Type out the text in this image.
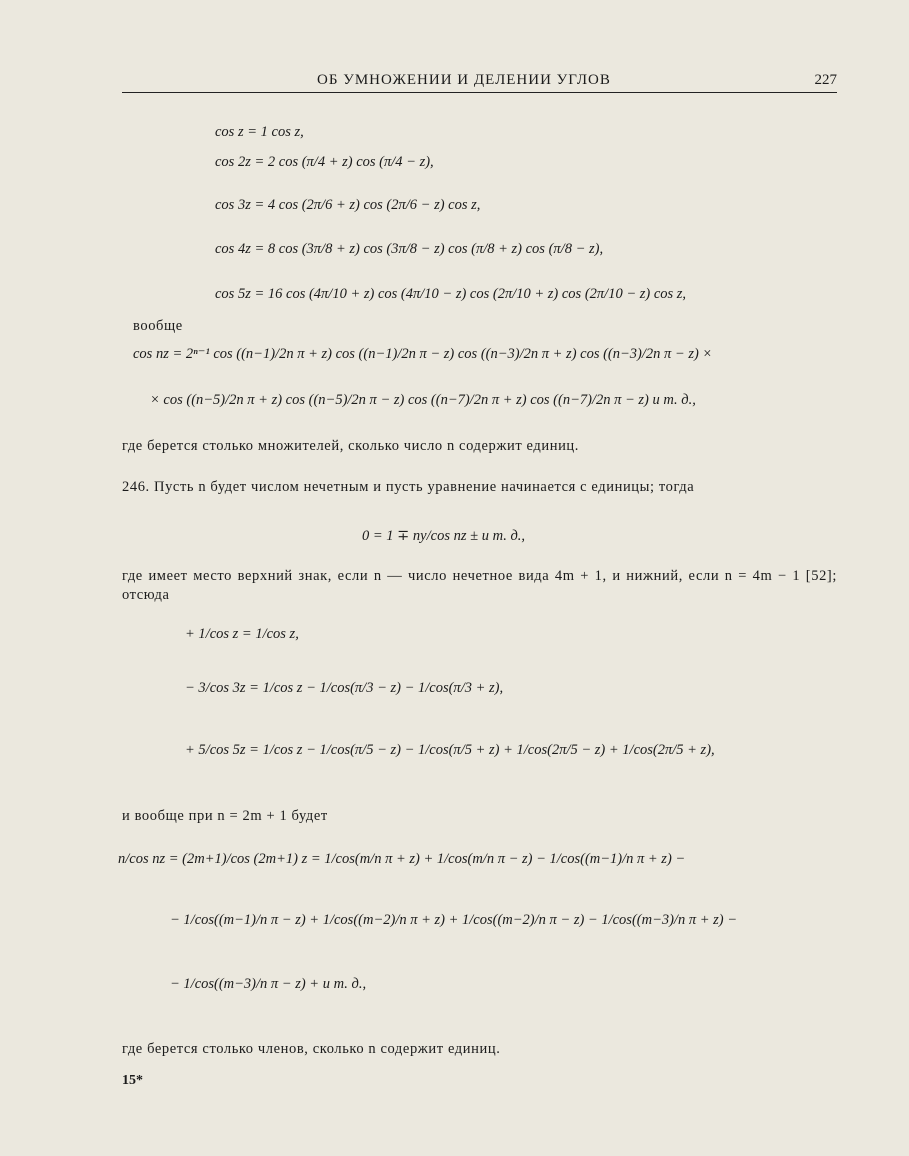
ОБ УМНОЖЕНИИ И ДЕЛЕНИИ УГЛОВ	227
cos z = 1 cos z,
cos 2z = 2 cos (π/4 + z) cos (π/4 − z),
cos 3z = 4 cos (2π/6 + z) cos (2π/6 − z) cos z,
cos 4z = 8 cos (3π/8 + z) cos (3π/8 − z) cos (π/8 + z) cos (π/8 − z),
cos 5z = 16 cos (4π/10 + z) cos (4π/10 − z) cos (2π/10 + z) cos (2π/10 − z) cos z,
вообще
cos nz = 2ⁿ⁻¹ cos ((n−1)/2n π + z) cos ((n−1)/2n π − z) cos ((n−3)/2n π + z) cos ((n−3)/2n π − z) ×
× cos ((n−5)/2n π + z) cos ((n−5)/2n π − z) cos ((n−7)/2n π + z) cos ((n−7)/2n π − z) и т. д.,
где берется столько множителей, сколько число n содержит единиц.
246. Пусть n будет числом нечетным и пусть уравнение начинается с единицы; тогда
0 = 1 ∓ ny/cos nz ± и т. д.,
где имеет место верхний знак, если n — число нечетное вида 4m + 1, и нижний, если n = 4m − 1 [52]; отсюда
+ 1/cos z = 1/cos z,
− 3/cos 3z = 1/cos z − 1/cos(π/3 − z) − 1/cos(π/3 + z),
+ 5/cos 5z = 1/cos z − 1/cos(π/5 − z) − 1/cos(π/5 + z) + 1/cos(2π/5 − z) + 1/cos(2π/5 + z),
и вообще при n = 2m + 1 будет
n/cos nz = (2m+1)/cos (2m+1) z = 1/cos(m/n π + z) + 1/cos(m/n π − z) − 1/cos((m−1)/n π + z) −
− 1/cos((m−1)/n π − z) + 1/cos((m−2)/n π + z) + 1/cos((m−2)/n π − z) − 1/cos((m−3)/n π + z) −
− 1/cos((m−3)/n π − z) + и т. д.,
где берется столько членов, сколько n содержит единиц.
15*
